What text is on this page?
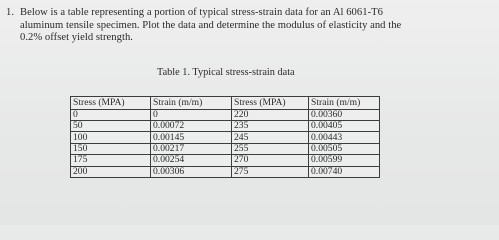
1. Below is a table representing a portion of typical stress-strain data for an Al 6061-T6
aluminum tensile specimen. Plot the data and determine the modulus of elasticity and the
0.2% offset yield strength.
Table 1. Typical stress-strain data
Stress (MPA)	Strain (m/m)	Stress (MPA)	Strain (m/m)
0	0	220	0.00360
50	0.00072	235	0.00405
100	0.00145	245	0.00443
150	0.00217	255	0.00505
175	0.00254	270	0.00599
200	0.00306	275	0.00740
